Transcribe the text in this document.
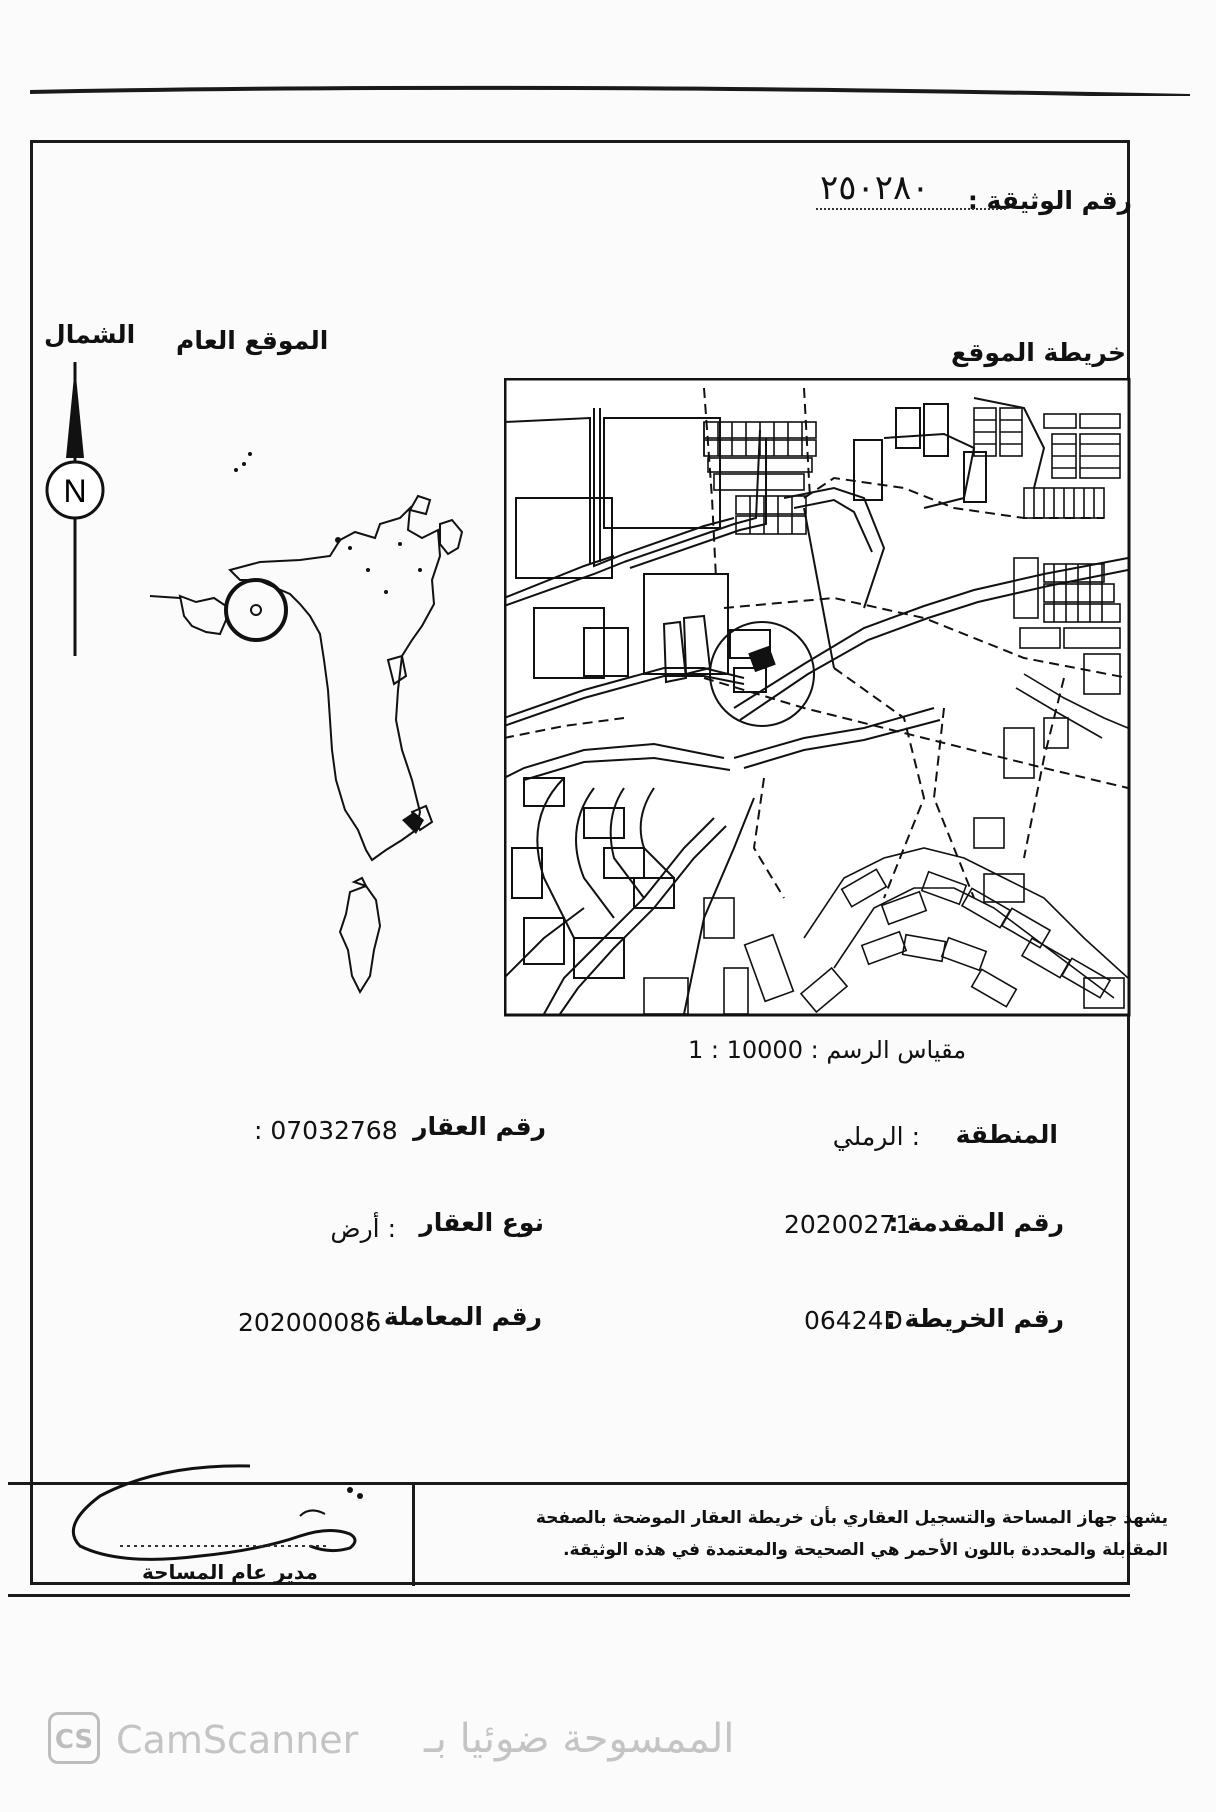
رقم الوثيقة :
٢٥٠٢٨٠
خريطة الموقع
الموقع العام
الشمال
N
مقياس الرسم : 10000 : 1
المنطقة
: الرملي
رقم العقار
: 07032768
رقم المقدمة :
20200271
نوع العقار
: أرض
رقم الخريطة :
06424D
رقم المعاملة :
202000086
يشهد جهاز المساحة والتسجيل العقاري بأن خريطة العقار الموضحة بالصفحة
المقابلة والمحددة باللون الأحمر هي الصحيحة والمعتمدة في هذه الوثيقة.
مدير عام المساحة
CS CamScanner الممسوحة ضوئيا بـ
